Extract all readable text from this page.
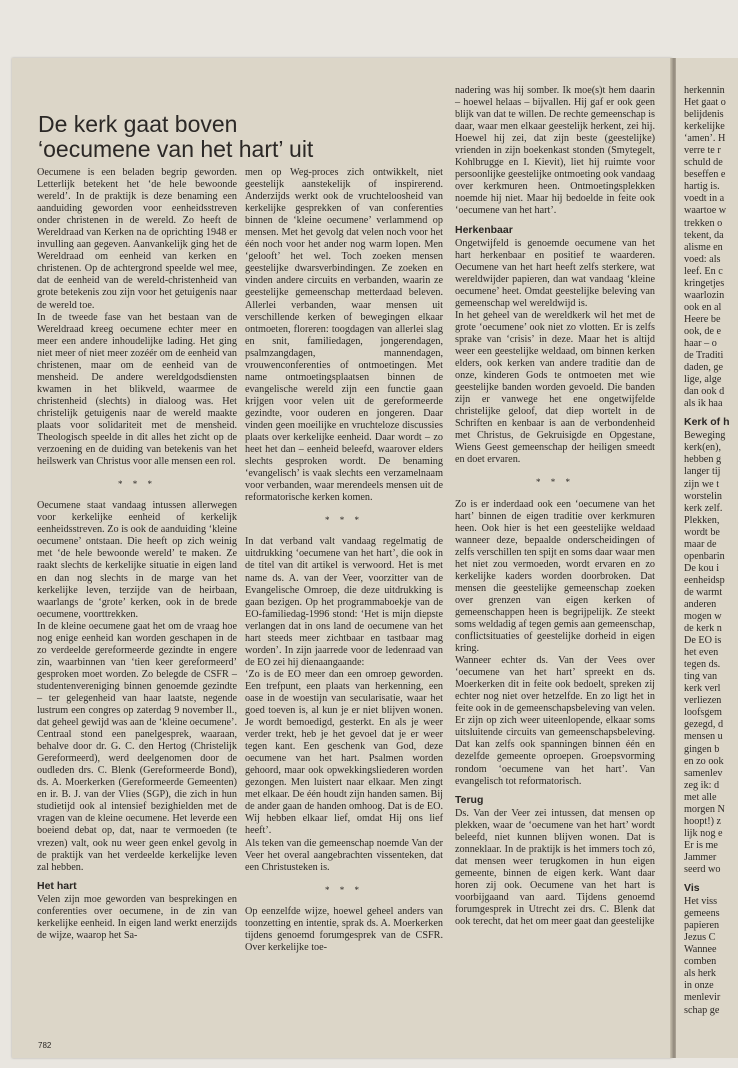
De kerk gaat boven ‘oecumene van het hart’ uit

Oecumene is een beladen begrip geworden. Letterlijk betekent het ‘de hele bewoonde wereld’. In de praktijk is deze benaming een aanduiding geworden voor eenheidsstreven onder christenen in de wereld. Zo heeft de Wereldraad van Kerken na de oprichting 1948 er invulling aan gegeven. Aanvankelijk ging het de Wereldraad om eenheid van kerken en christenen. Op de achtergrond speelde wel mee, dat de eenheid van de wereld-christenheid van grote betekenis zou zijn voor het getuigenis naar de wereld toe.

In de tweede fase van het bestaan van de Wereldraad kreeg oecumene echter meer en meer een andere inhoudelijke lading. Het ging niet meer of niet meer zozéér om de eenheid van christenen, maar om de eenheid van de mensheid. De andere wereldgodsdiensten kwamen in het blikveld, waarmee de christenheid (slechts) in dialoog was. Het christelijk getuigenis naar de wereld maakte plaats voor solidariteit met de mensheid. Theologisch speelde in dit alles het zicht op de verzoening en de duiding van betekenis van het heilswerk van Christus voor alle mensen een rol.

* * *

Oecumene staat vandaag intussen allerwegen voor kerkelijke eenheid of kerkelijk eenheidsstreven. Zo is ook de aanduiding ‘kleine oecumene’ ontstaan. Die heeft op zich weinig met ‘de hele bewoonde wereld’ te maken. Ze raakt slechts de kerkelijke situatie in eigen land en dan nog slechts in de marge van het kerkelijke leven, terzijde van de heirbaan, waarlangs de ‘grote’ kerken, ook in de brede oecumene, voorttrekken.

In de kleine oecumene gaat het om de vraag hoe nog enige eenheid kan worden geschapen in de zo verdeelde gereformeerde gezindte in engere zin, waarbinnen van ‘tien keer gereformeerd’ gesproken moet worden. Zo belegde de CSFR – studentenvereniging binnen genoemde gezindte – ter gelegenheid van haar laatste, negende lustrum een congres op zaterdag 9 november ll., dat geheel gewijd was aan de ‘kleine oecumene’. Centraal stond een panelgesprek, waaraan, behalve door dr. G. C. den Hertog (Christelijk Gereformeerd), werd deelgenomen door de oudleden drs. C. Blenk (Gereformeerde Bond), ds. A. Moerkerken (Gereformeerde Gemeenten) en ir. B. J. van der Vlies (SGP), die zich in hun studietijd ook al intensief bezighielden met de vragen van de kleine oecumene. Het leverde een boeiend debat op, dat, naar te vermoeden (te vrezen) valt, ook nu weer geen enkel gevolg in de praktijk van het verdeelde kerkelijke leven zal hebben.

Het hart

Velen zijn moe geworden van besprekingen en conferenties over oecumene, in de zin van kerkelijke eenheid. In eigen land werkt enerzijds de wijze, waarop het Sa-

men op Weg-proces zich ontwikkelt, niet geestelijk aanstekelijk of inspirerend. Anderzijds werkt ook de vruchteloosheid van kerkelijke gesprekken of van conferenties binnen de ‘kleine oecumene’ verlammend op mensen. Met het gevolg dat velen noch voor het één noch voor het ander nog warm lopen. Men ‘gelooft’ het wel. Toch zoeken mensen geestelijke dwarsverbindingen. Ze zoeken en vinden andere circuits en verbanden, waarin ze geestelijke gemeenschap metterdaad beleven. Allerlei verbanden, waar mensen uit verschillende kerken of bewegingen elkaar ontmoeten, floreren: toogdagen van allerlei slag en snit, familiedagen, jongerendagen, psalmzangdagen, mannendagen, vrouwenconferenties of ontmoetingen. Met name ontmoetingsplaatsen binnen de evangelische wereld zijn een functie gaan krijgen voor velen uit de gereformeerde gezindte, voor ouderen en jongeren. Daar vinden geen moeilijke en vruchteloze discussies plaats over kerkelijke eenheid. Daar wordt – zo heet het dan – eenheid beleefd, waarover elders slechts gesproken wordt. De benaming ‘evangelisch’ is vaak slechts een verzamelnaam voor verbanden, waar merendeels mensen uit de reformatorische kerken komen.

* * *

In dat verband valt vandaag regelmatig de uitdrukking ‘oecumene van het hart’, die ook in de titel van dit artikel is verwoord. Het is met name ds. A. van der Veer, voorzitter van de Evangelische Omroep, die deze uitdrukking is gaan bezigen. Op het programmaboekje van de EO-familiedag-1996 stond: ‘Het is mijn diepste verlangen dat in ons land de oecumene van het hart steeds meer zichtbaar en tastbaar mag worden’. In zijn jaarrede voor de ledenraad van de EO zei hij dienaangaande:

‘Zo is de EO meer dan een omroep geworden. Een trefpunt, een plaats van herkenning, een oase in de woestijn van secularisatie, waar het goed toeven is, al kun je er niet blijven wonen. Je wordt bemoedigd, gesterkt. En als je weer verder trekt, heb je het gevoel dat je er weer tegen kant. Een geschenk van God, deze oecumene van het hart. Psalmen worden gehoord, maar ook opwekkingsliederen worden gezongen. Men luistert naar elkaar. Men zingt met elkaar. De één houdt zijn handen samen. Bij de ander gaan de handen omhoog. Dat is de EO. Wij hebben elkaar lief, omdat Hij ons lief heeft’.

Als teken van die gemeenschap noemde Van der Veer het overal aangebrachten vissenteken, dat een Christusteken is.

* * *

Op eenzelfde wijze, hoewel geheel anders van toonzetting en intentie, sprak ds. A. Moerkerken tijdens genoemd forumgesprek van de CSFR. Over kerkelijke toe-

nadering was hij somber. Ik moe(s)t hem daarin – hoewel helaas – bijvallen. Hij gaf er ook geen blijk van dat te willen. De rechte gemeenschap is daar, waar men elkaar geestelijk herkent, zei hij. Hoewel hij zei, dat zijn beste (geestelijke) vrienden in zijn boekenkast stonden (Smytegelt, Kohlbrugge en I. Kievit), liet hij ruimte voor persoonlijke geestelijke ontmoeting ook vandaag over kerkmuren heen. Ontmoetingsplekken noemde hij niet. Maar hij bedoelde in feite ook ‘oecumene van het hart’.

Herkenbaar

Ongetwijfeld is genoemde oecumene van het hart herkenbaar en positief te waarderen. Oecumene van het hart heeft zelfs sterkere, wat wereldwijder papieren, dan wat vandaag ‘kleine oecumene’ heet. Omdat geestelijke beleving van gemeenschap wel wereldwijd is.

In het geheel van de wereldkerk wil het met de grote ‘oecumene’ ook niet zo vlotten. Er is zelfs sprake van ‘crisis’ in deze. Maar het is altijd weer een geestelijke weldaad, om binnen kerken elders, ook kerken van andere traditie dan de onze, kinderen Gods te ontmoeten met wie geestelijke banden worden gevoeld. Die banden zijn er vanwege het ene ongetwijfelde christelijke geloof, dat diep wortelt in de Schriften en kenbaar is aan de verbondenheid met Christus, de Gekruisigde en Opgestane, Wiens Geest gemeenschap der heiligen smeedt en doet ervaren.

* * *

Zo is er inderdaad ook een ‘oecumene van het hart’ binnen de eigen traditie over kerkmuren heen. Ook hier is het een geestelijke weldaad wanneer deze, bepaalde onderscheidingen of zelfs verschillen ten spijt en soms daar waar men het niet zou vermoeden, wordt ervaren en zo kerkelijke kaders worden doorbroken. Dat mensen die geestelijke gemeenschap zoeken over grenzen van eigen kerken of gemeenschappen heen is begrijpelijk. Ze steekt soms weldadig af tegen gemis aan gemeenschap, conflictsituaties of geestelijke dorheid in eigen kring.

Wanneer echter ds. Van der Vees over ‘oecumene van het hart’ spreekt en ds. Moerkerken dit in feite ook bedoelt, spreken zij echter nog niet over hetzelfde. En zo ligt het in feite ook in de gemeenschapsbeleving van velen. Er zijn op zich weer uiteenlopende, elkaar soms uitsluitende circuits van gemeenschapsbeleving. Dat kan zelfs ook spanningen binnen één en dezelfde gemeente oproepen. Groepsvorming rondom ‘oecumene van het hart’. Van evangelisch tot reformatorisch.

Terug

Ds. Van der Veer zei intussen, dat mensen op plekken, waar de ‘oecumene van het hart’ wordt beleefd, niet kunnen blijven wonen. Dat is zonneklaar. In de praktijk is het immers toch zó, dat mensen weer terugkomen in hun eigen gemeente, binnen de eigen kerk. Want daar horen zij ook. Oecumene van het hart is voorbijgaand van aard. Tijdens genoemd forumgesprek in Utrecht zei drs. C. Blenk dat ook terecht, dat het om meer gaat dan geestelijke

herkennin

Het gaat o

belijdenis

kerkelijke

‘amen’. H

verre te r

schuld de

beseffen e

hartig is.

voedt in a

waartoe w

trekken o

tekent, da

alisme en

voed: als

leef. En c

kringetjes

waarlozin

ook en al

Heere be

ook, de e

haar – o

de Traditi

daden, ge

lige, alge

dan ook d

als ik haa

Kerk of h

Beweging

kerk(en),

hebben g

langer tij

zijn we t

worstelin

kerk zelf.

Plekken,

wordt be

maar de

openbarin

De kou i

eenheidsp

de warmt

anderen

mogen w

de kerk n

De EO is

het even

tegen ds.

ting van

kerk verl

verliezen

loofsgem

gezegd, d

mensen u

gingen b

en zo ook

samenlev

zeg ik: d

met alle

morgen N

hoopt!) z

lijk nog e

Er is me

Jammer

seerd wo

Vis

Het viss

gemeens

papieren

Jezus C

Wannee

comben

als herk

in onze

menlevir

schap ge

782
